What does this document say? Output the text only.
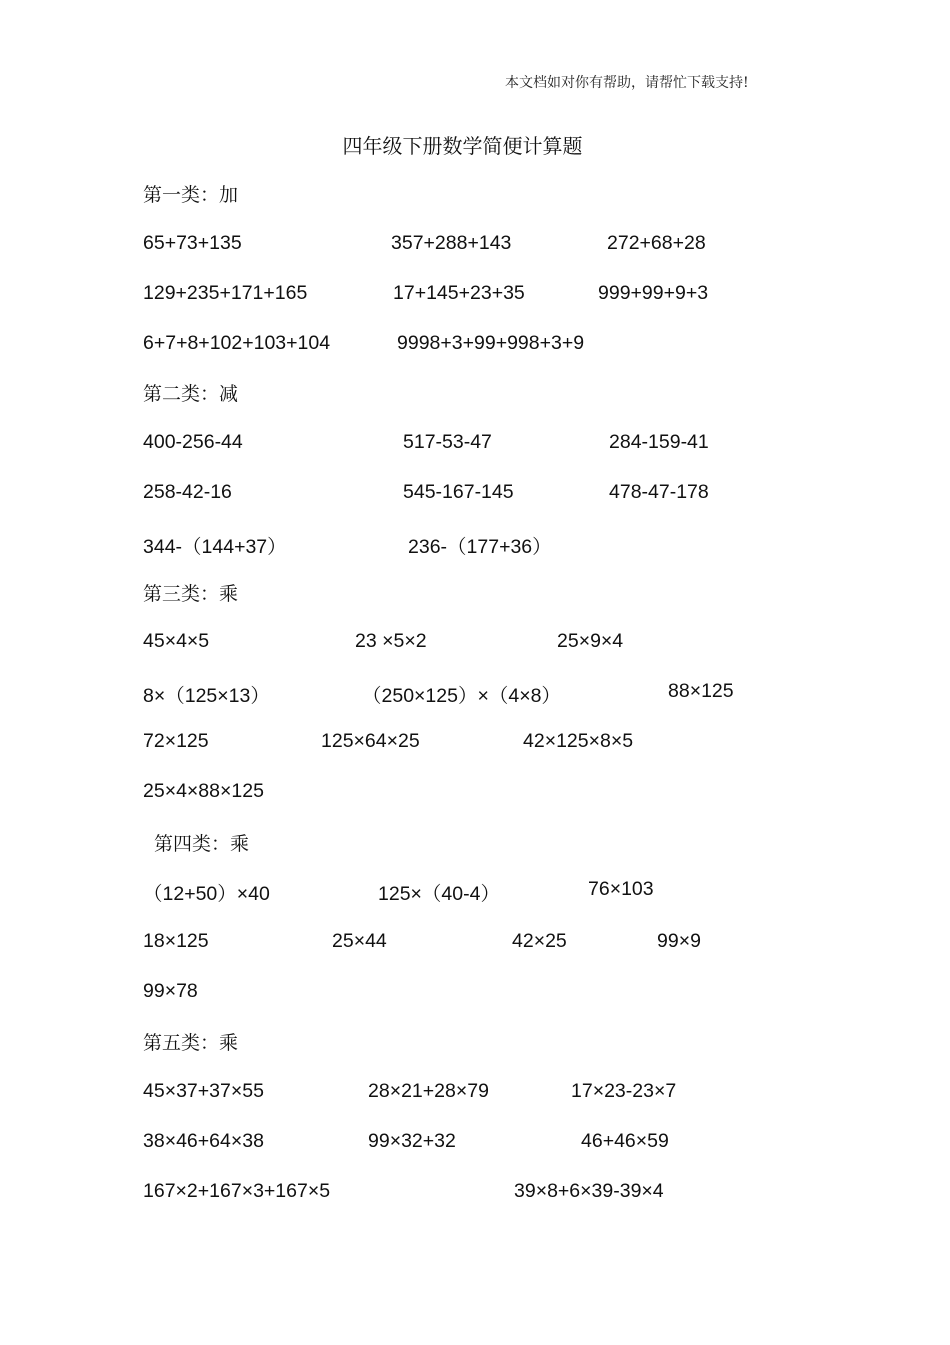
本文档如对你有帮助，请帮忙下载支持!
四年级下册数学简便计算题
第一类：加
65+73+135	357+288+143	272+68+28
129+235+171+165	17+145+23+35	999+99+9+3
6+7+8+102+103+104	9998+3+99+998+3+9
第二类：减
400-256-44	517-53-47	284-159-41
258-42-16	545-167-145	478-47-178
344-（144+37）	236-（177+36）
第三类：乘
45×4×5	23 ×5×2	25×9×4
8×（125×13）	（250×125）×（4×8）	88×125
72×125	125×64×25	42×125×8×5
25×4×88×125
第四类：乘
（12+50）×40	125×（40-4）	76×103
18×125	25×44	42×25	99×9
99×78
第五类：乘
45×37+37×55	28×21+28×79	17×23-23×7
38×46+64×38	99×32+32	46+46×59
167×2+167×3+167×5	39×8+6×39-39×4
